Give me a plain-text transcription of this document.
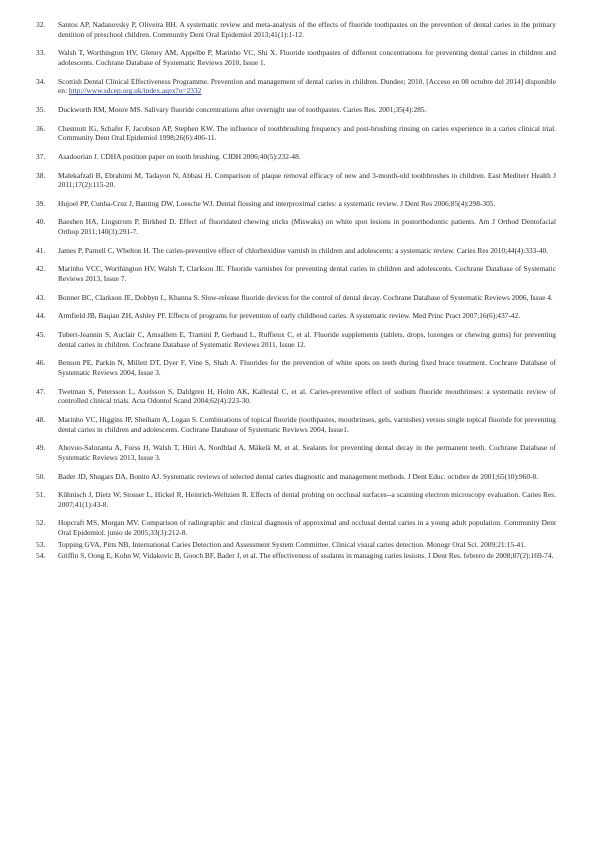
32.	Santos AP, Nadanovsky P, Oliveira BH. A systematic review and meta-analysis of the effects of fluoride toothpastes on the prevention of dental caries in the primary dentition of preschool children. Community Dent Oral Epidemiol 2013;41(1):1-12.
33.	Walsh T, Worthington HV, Glenny AM, Appelbe P, Marinho VC, Shi X. Fluoride toothpastes of different concentrations for preventing dental caries in children and adolescents. Cochrane Database of Systematic Reviews 2010, Issue 1.
34.	Scottish Dental Clinical Effectiveness Programme. Prevention and management of dental caries in children. Dundee; 2010. [Acceso en 08 octubre del 2014] disponible en: http://www.sdcep.org.uk/index.aspx?o=2332
35.	Duckworth RM, Moore MS. Salivary fluoride concentrations after overnight use of toothpastes. Caries Res. 2001;35(4):285.
36.	Chestnutt IG, Schafer F, Jacobson AP, Stephen KW. The influence of toothbrushing frequency and post-brushing rinsing on caries experience in a caries clinical trial. Community Dent Oral Epidemiol 1998;26(6):406-11.
37.	Asadoorian J. CDHA position paper on tooth brushing. CJDH 2006;40(5):232-48.
38.	Malekafzali B, Ebrahimi M, Tadayon N, Abbasi H. Comparison of plaque removal efficacy of new and 3-month-old toothbrushes in children. East Mediterr Health J 2011;17(2):115-20.
39.	Hujoel PP, Cunha-Cruz J, Banting DW, Loesche WJ. Dental flossing and interproximal caries: a systematic review. J Dent Res 2006;85(4):298-305.
40.	Baeshen HA, Lingstrom P, Birkhed D. Effect of fluoridated chewing sticks (Miswaks) on white spot lesions in postorthodontic patients. Am J Orthod Dentofacial Orthop 2011;140(3):291-7.
41.	James P, Parnell C, Whelton H. The caries-preventive effect of chlorhexidine varnish in children and adolescents: a systematic review. Caries Res 2010;44(4):333-40.
42.	Marinho VCC, Worthington HV, Walsh T, Clarkson JE. Fluoride varnishes for preventing dental caries in children and adolescents. Cochrane Database of Systematic Reviews 2013, Issue 7.
43.	Bonner BC, Clarkson JE, Dobbyn L, Khanna S. Slow-release fluoride devices for the control of dental decay. Cochrane Database of Systematic Reviews 2006, Issue 4.
44.	Armfield JB, Baqian ZH, Ashley PF. Effects of programs for prevention of early childhood caries. A systematic review. Med Princ Pract 2007;16(6):437-42.
45.	Tubert-Jeannin S, Auclair C, Amsallem E, Tramini P, Gerbaud L, Ruffieux C, et al. Fluoride supplements (tablets, drops, lozenges or chewing gums) for preventing dental caries in children. Cochrane Database of Systematic Reviews 2011, Issue 12.
46.	Benson PE, Parkin N, Millett DT, Dyer F, Vine S, Shah A. Fluorides for the prevention of white spots on teeth during fixed brace treatment. Cochrane Database of Systematic Reviews 2004, Issue 3.
47.	Twetman S, Petersson L, Axelsson S, Dahlgren H, Holm AK, Kallestal C, et al. Caries-preventive effect of sodium fluoride mouthrinses: a systematic review of controlled clinical trials. Acta Odontol Scand 2004;62(4):223-30.
48.	Marinho VC, Higgins JP, Sheiham A, Logan S. Combinations of topical fluoride (toothpastes, mouthrinses, gels, varnishes) versus single topical fluoride for preventing dental caries in children and adolescents. Cochrane Database of Systematic Reviews 2004, Issue1.
49.	Ahovuo-Saloranta A, Forss H, Walsh T, Hiiri A, Nordblad A, Mäkelä M, et al. Sealants for preventing dental decay in the permanent teeth. Cochrane Database of Systematic Reviews 2013, Issue 3.
50.	Bader JD, Shugars DA, Bonito AJ. Systematic reviews of selected dental caries diagnostic and management methods. J Dent Educ. octubre de 2001;65(10):960-8.
51.	Kühnisch J, Dietz W, Stosser L, Hickel R, Heinrich-Weltzien R. Effects of dental probing on occlusal surfaces--a scanning electron microscopy evaluation. Caries Res. 2007;41(1):43-8.
52.	Hopcraft MS, Morgan MV. Comparison of radiographic and clinical diagnosis of approximal and occlusal dental caries in a young adult population. Community Dent Oral Epidemiol. junio de 2005;33(3):212-8.
53.	Topping GVA, Pitts NB, International Caries Detection and Assessment System Committee. Clinical visual caries detection. Monogr Oral Sci. 2009;21:15-41.
54.	Griffin S, Oong E, Kohn W, Vidakovic B, Gooch BF, Bader J, et al. The effectiveness of sealants in managing caries lesions. J Dent Res. febrero de 2008;87(2):169-74.
